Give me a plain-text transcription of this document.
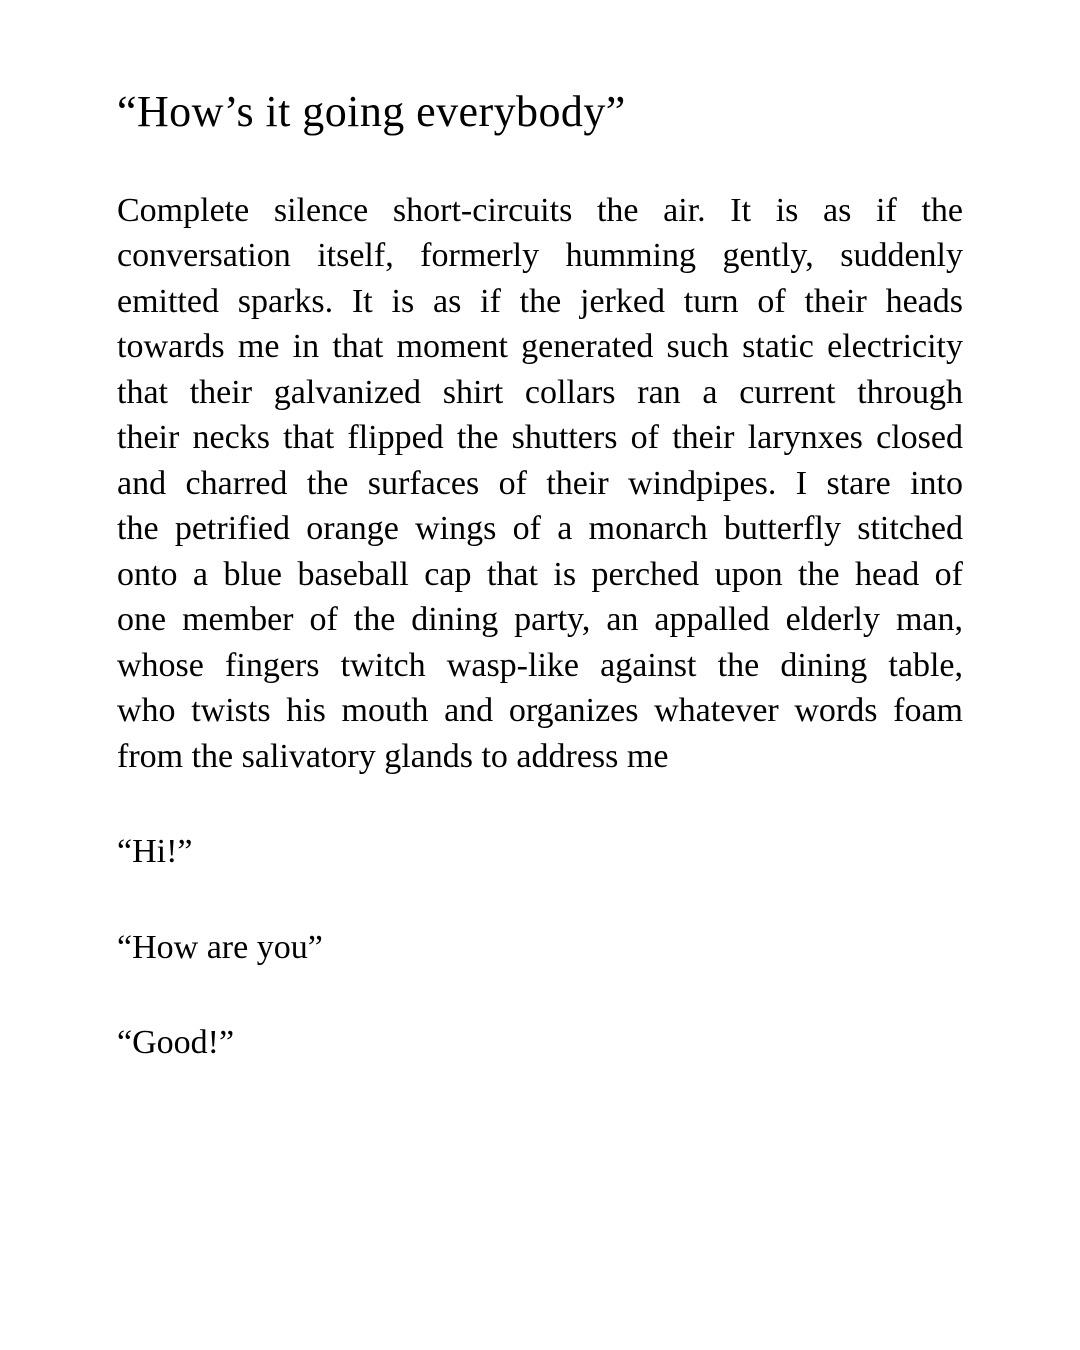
“How’s it going everybody”
Complete silence short-circuits the air. It is as if the
conversation itself, formerly humming gently, suddenly
emitted sparks. It is as if the jerked turn of their heads
towards me in that moment generated such static electricity
that their galvanized shirt collars ran a current through
their necks that flipped the shutters of their larynxes closed
and charred the surfaces of their windpipes. I stare into
the petrified orange wings of a monarch butterfly stitched
onto a blue baseball cap that is perched upon the head of
one member of the dining party, an appalled elderly man,
whose fingers twitch wasp-like against the dining table,
who twists his mouth and organizes whatever words foam
from the salivatory glands to address me

“Hi!”

“How are you”

“Good!”
